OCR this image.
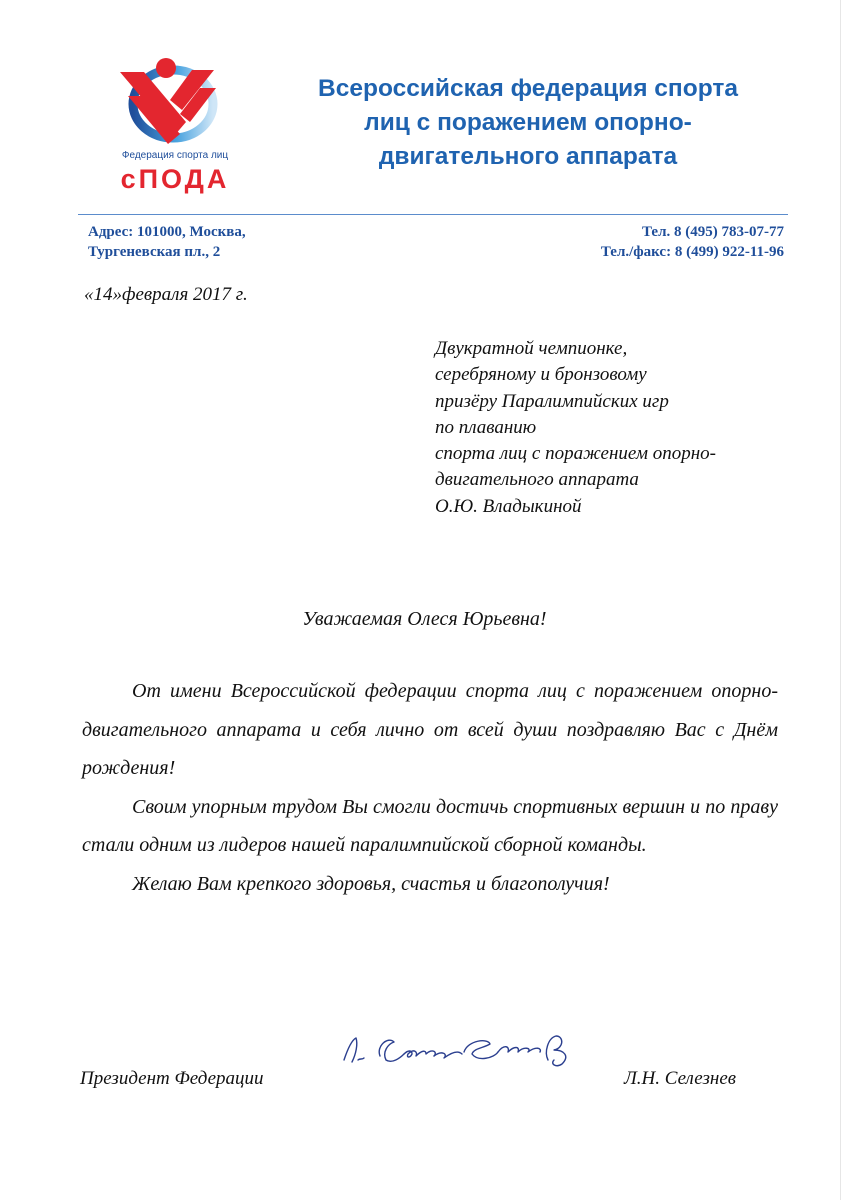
Федерация спорта лиц
сПОДА
Всероссийская федерация спорта
лиц с поражением опорно-
двигательного аппарата
Адрес: 101000, Москва,
Тургеневская пл., 2
Тел. 8 (495) 783-07-77
Тел./факс: 8 (499) 922-11-96
«14»февраля 2017 г.
Двукратной чемпионке,
серебряному и бронзовому
призёру Паралимпийских игр
по плаванию
спорта лиц с поражением опорно-
двигательного аппарата
О.Ю. Владыкиной
Уважаемая Олеся Юрьевна!

От имени Всероссийской федерации спорта лиц с поражением опорно-двигательного аппарата и себя лично от всей души поздравляю Вас с Днём рождения!

Своим упорным трудом Вы смогли достичь спортивных вершин и по праву стали одним из лидеров нашей паралимпийской сборной команды.

Желаю Вам крепкого здоровья, счастья и благополучия!

Президент Федерации	Л.Н. Селезнев
